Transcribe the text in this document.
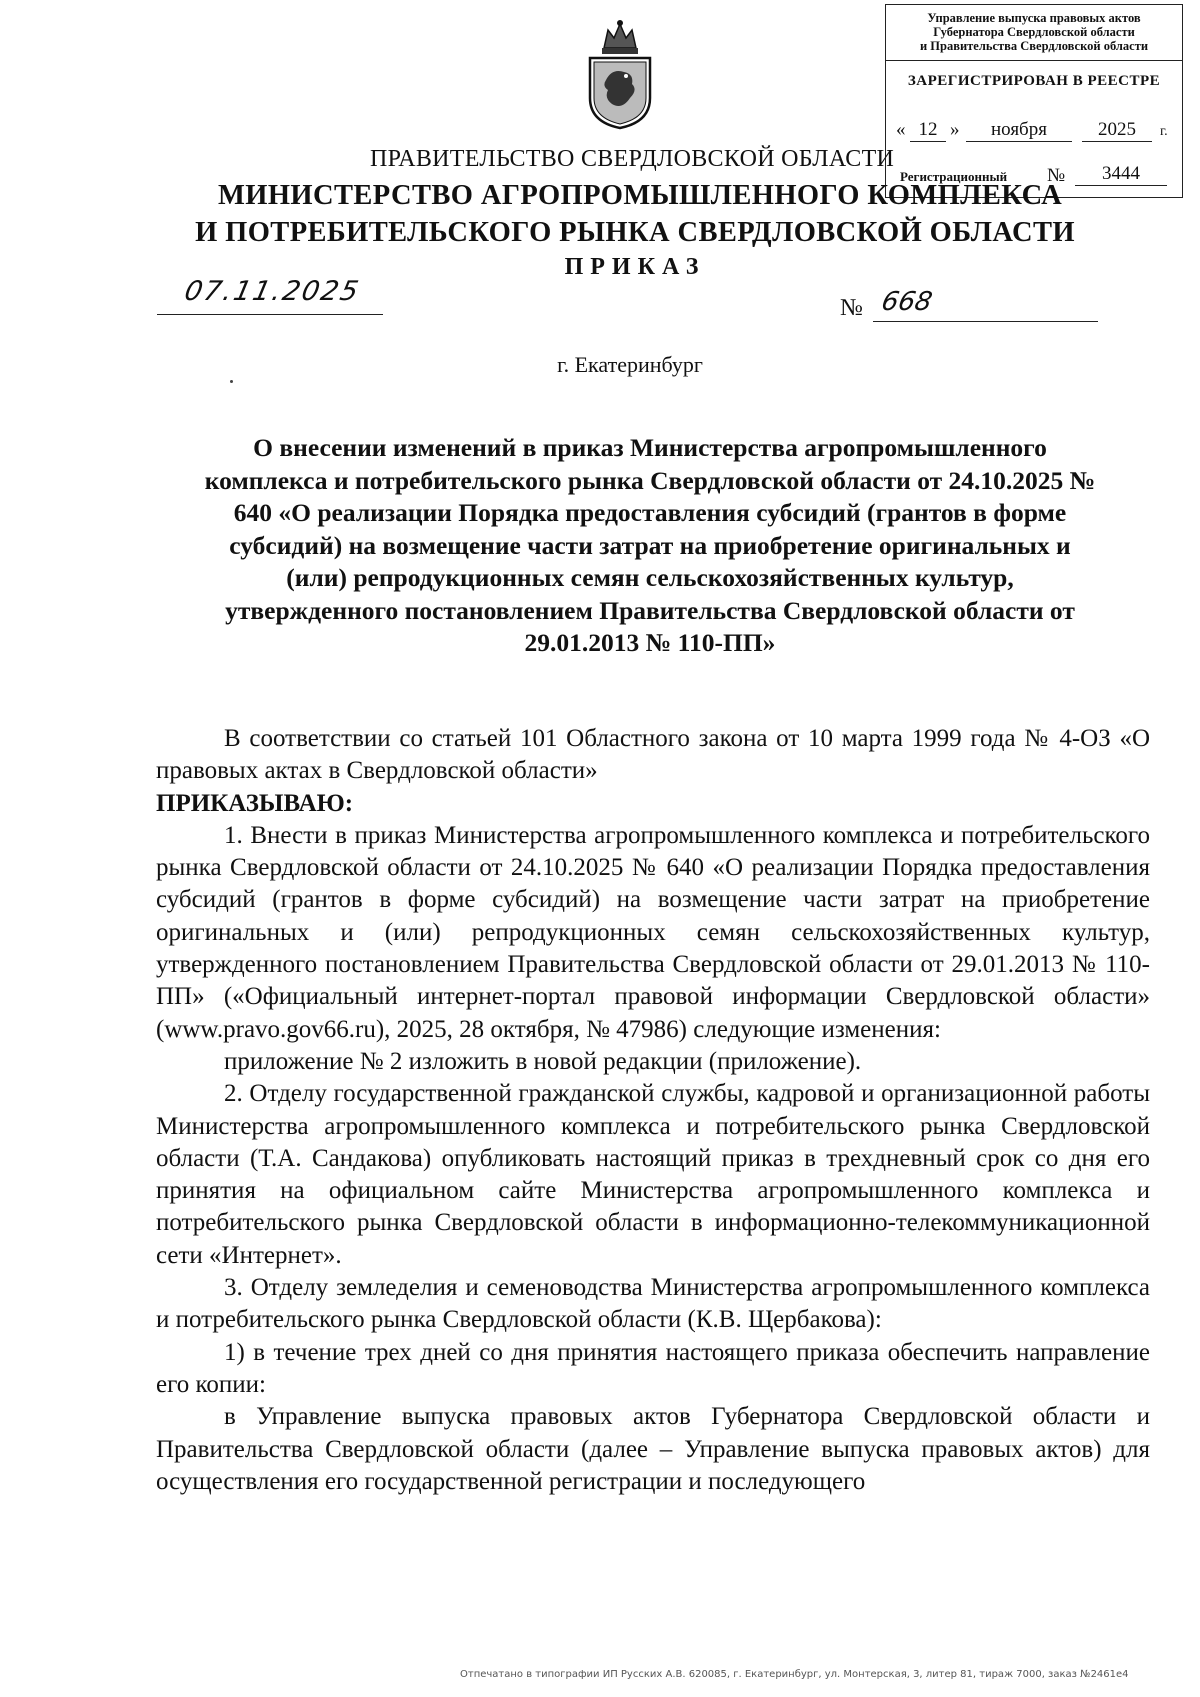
Управление выпуска правовых актов
Губернатора Свердловской области
и Правительства Свердловской области
ЗАРЕГИСТРИРОВАН В РЕЕСТРЕ
« 12 »	ноября	2025	г.
Регистрационный №	3444
ПРАВИТЕЛЬСТВО СВЕРДЛОВСКОЙ ОБЛАСТИ
МИНИСТЕРСТВО АГРОПРОМЫШЛЕННОГО КОМПЛЕКСА
И ПОТРЕБИТЕЛЬСКОГО РЫНКА СВЕРДЛОВСКОЙ ОБЛАСТИ
ПРИКАЗ
07.11.2025
№ 668
г. Екатеринбург
О внесении изменений в приказ Министерства агропромышленного комплекса и потребительского рынка Свердловской области от 24.10.2025 № 640 «О реализации Порядка предоставления субсидий (грантов в форме субсидий) на возмещение части затрат на приобретение оригинальных и (или) репродукционных семян сельскохозяйственных культур, утвержденного постановлением Правительства Свердловской области от 29.01.2013 № 110-ПП»

В соответствии со статьей 101 Областного закона от 10 марта 1999 года № 4-ОЗ «О правовых актах в Свердловской области»

ПРИКАЗЫВАЮ:

1. Внести в приказ Министерства агропромышленного комплекса и потребительского рынка Свердловской области от 24.10.2025 № 640 «О реализации Порядка предоставления субсидий (грантов в форме субсидий) на возмещение части затрат на приобретение оригинальных и (или) репродукционных семян сельскохозяйственных культур, утвержденного постановлением Правительства Свердловской области от 29.01.2013 № 110-ПП» («Официальный интернет-портал правовой информации Свердловской области» (www.pravo.gov66.ru), 2025, 28 октября, № 47986) следующие изменения:

приложение № 2 изложить в новой редакции (приложение).

2. Отделу государственной гражданской службы, кадровой и организационной работы Министерства агропромышленного комплекса и потребительского рынка Свердловской области (Т.А. Сандакова) опубликовать настоящий приказ в трехдневный срок со дня его принятия на официальном сайте Министерства агропромышленного комплекса и потребительского рынка Свердловской области в информационно-телекоммуникационной сети «Интернет».

3. Отделу земледелия и семеноводства Министерства агропромышленного комплекса и потребительского рынка Свердловской области (К.В. Щербакова):

1) в течение трех дней со дня принятия настоящего приказа обеспечить направление его копии:

в Управление выпуска правовых актов Губернатора Свердловской области и Правительства Свердловской области (далее – Управление выпуска правовых актов) для осуществления его государственной регистрации и последующего

Отпечатано в типографии ИП Русских А.В. 620085, г. Екатеринбург, ул. Монтерская, 3, литер 81, тираж 7000, заказ №2461е4
